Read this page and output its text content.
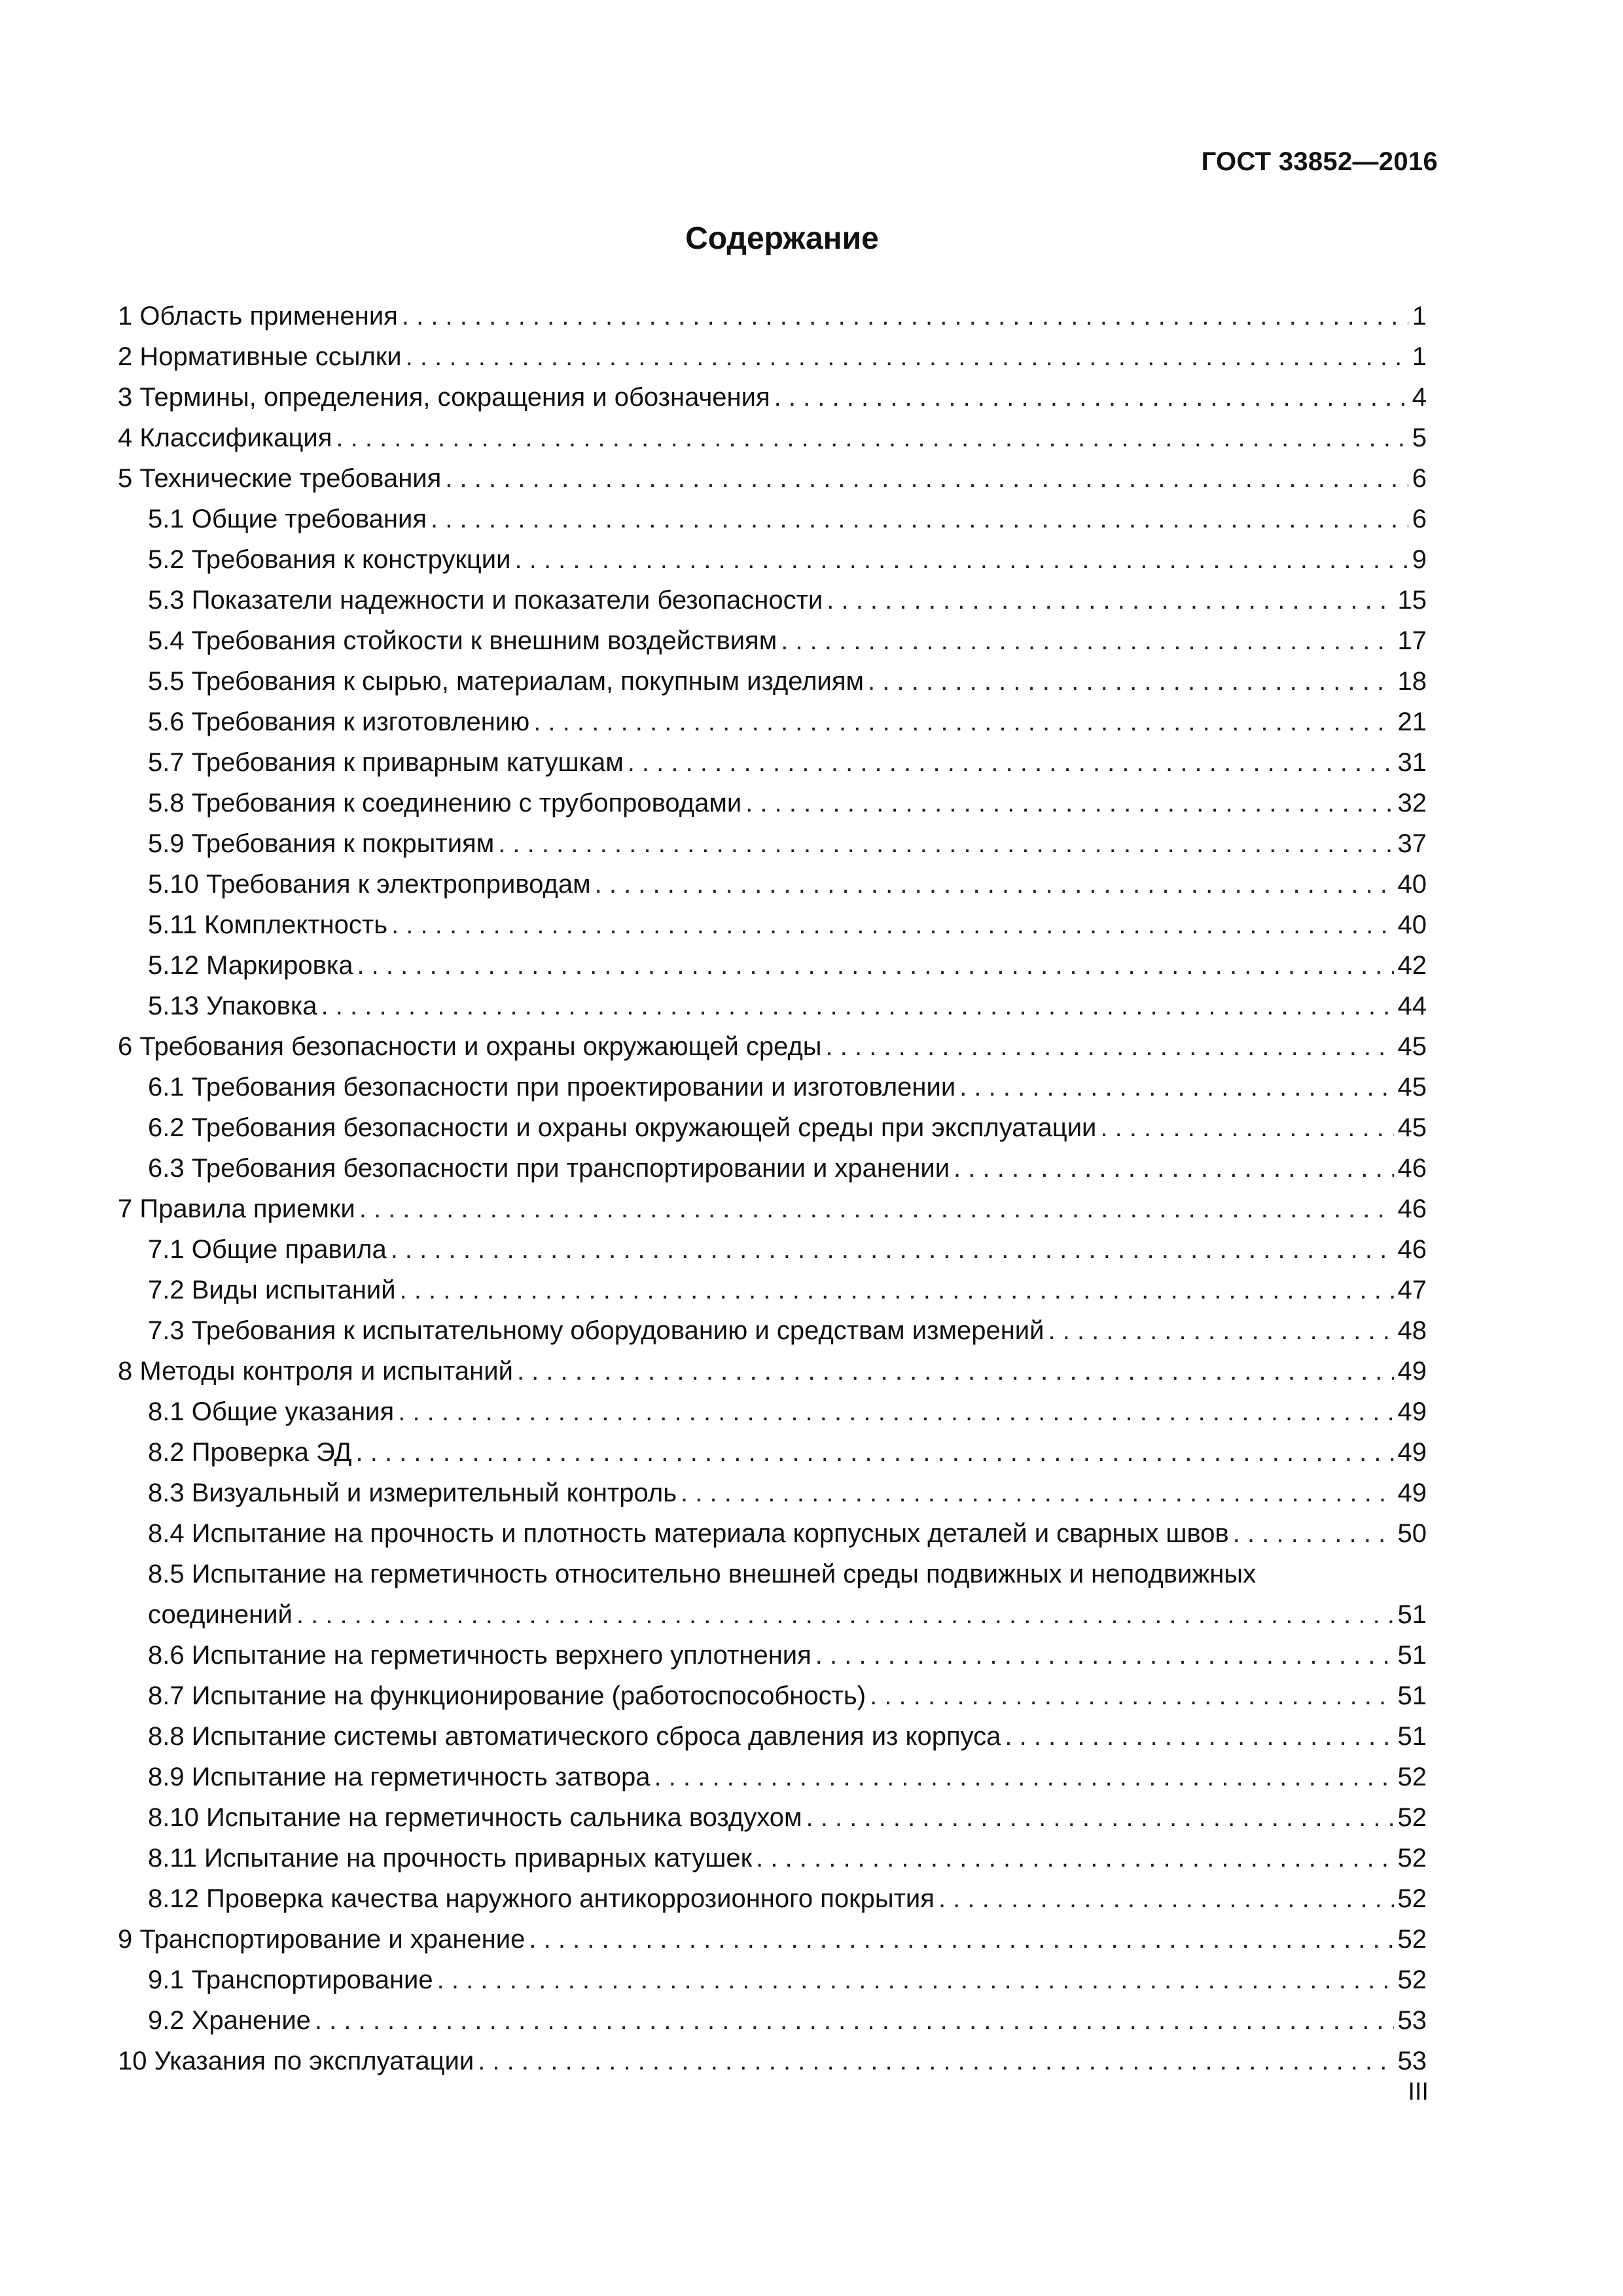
ГОСТ 33852—2016
Содержание
1 Область применения . . .	1
2 Нормативные ссылки . . .	1
3 Термины, определения, сокращения и обозначения . . .	4
4 Классификация . . .	5
5 Технические требования . . .	6
5.1 Общие требования . . .	6
5.2 Требования к конструкции . . .	9
5.3 Показатели надежности и показатели безопасности . . .	15
5.4 Требования стойкости к внешним воздействиям . . .	17
5.5 Требования к сырью, материалам, покупным изделиям . . .	18
5.6 Требования к изготовлению . . .	21
5.7 Требования к приварным катушкам . . .	31
5.8 Требования к соединению с трубопроводами . . .	32
5.9 Требования к покрытиям . . .	37
5.10 Требования к электроприводам . . .	40
5.11 Комплектность . . .	40
5.12 Маркировка . . .	42
5.13 Упаковка . . .	44
6 Требования безопасности и охраны окружающей среды . . .	45
6.1 Требования безопасности при проектировании и изготовлении . . .	45
6.2 Требования безопасности и охраны окружающей среды при эксплуатации . . .	45
6.3 Требования безопасности при транспортировании и хранении . . .	46
7 Правила приемки . . .	46
7.1 Общие правила . . .	46
7.2 Виды испытаний . . .	47
7.3 Требования к испытательному оборудованию и средствам измерений . . .	48
8 Методы контроля и испытаний . . .	49
8.1 Общие указания . . .	49
8.2 Проверка ЭД . . .	49
8.3 Визуальный и измерительный контроль . . .	49
8.4 Испытание на прочность и плотность материала корпусных деталей и сварных швов . . .	50
8.5 Испытание на герметичность относительно внешней среды подвижных и неподвижных
соединений . . .	51
8.6 Испытание на герметичность верхнего уплотнения . . .	51
8.7 Испытание на функционирование (работоспособность) . . .	51
8.8 Испытание системы автоматического сброса давления из корпуса . . .	51
8.9 Испытание на герметичность затвора . . .	52
8.10 Испытание на герметичность сальника воздухом . . .	52
8.11 Испытание на прочность приварных катушек . . .	52
8.12 Проверка качества наружного антикоррозионного покрытия . . .	52
9 Транспортирование и хранение . . .	52
9.1 Транспортирование . . .	52
9.2 Хранение . . .	53
10 Указания по эксплуатации . . .	53
III
